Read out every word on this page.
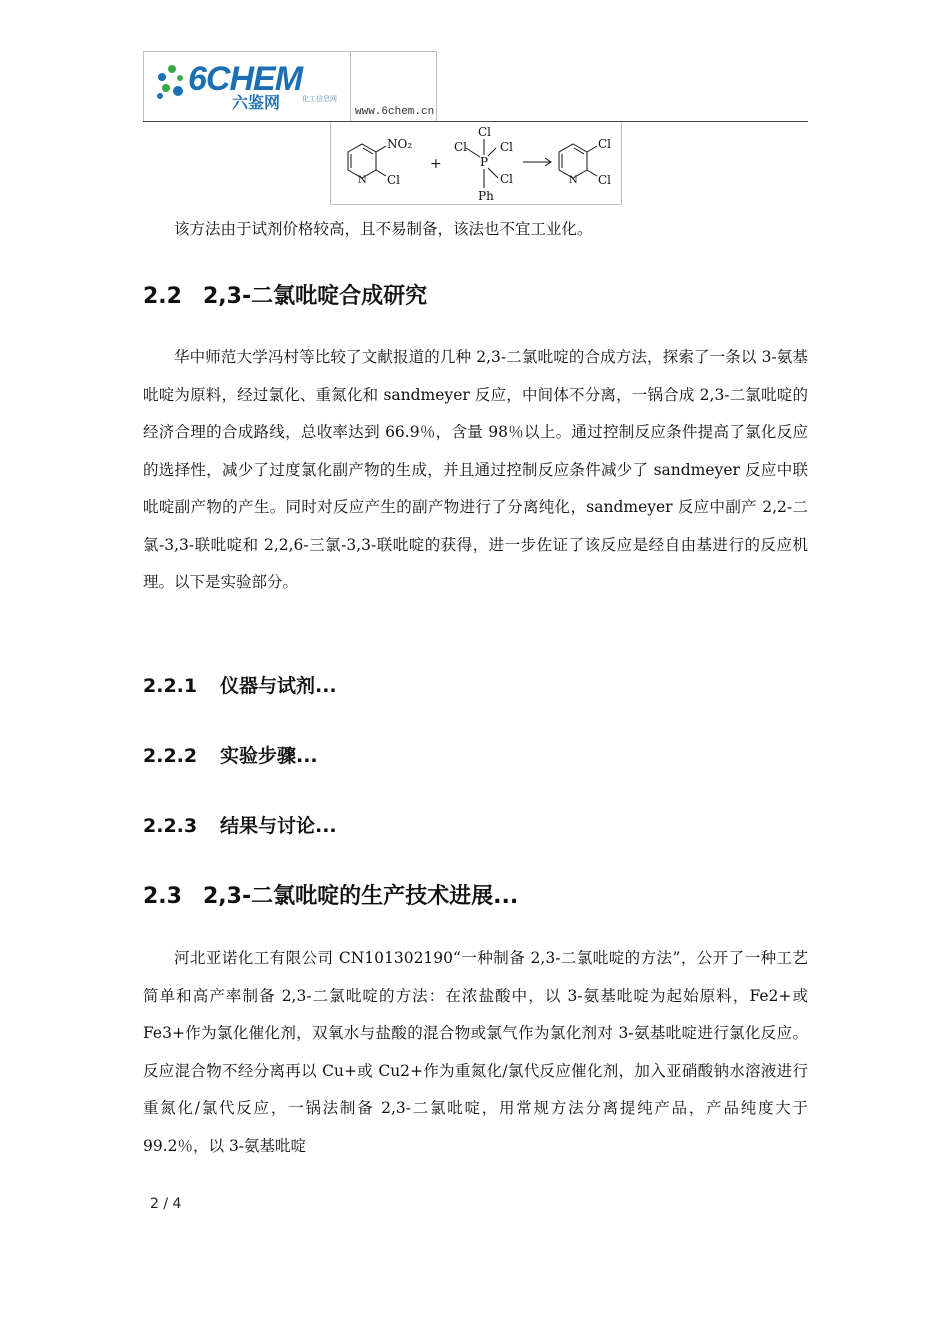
6CHEM
六鉴网	化工信息网
www.6chem.cn
N
NO₂
Cl
+
Cl
Cl	Cl
P
Cl
Ph
N
Cl
Cl
该方法由于试剂价格较高，且不易制备，该法也不宜工业化。
2.2 2,3-二氯吡啶合成研究
华中师范大学冯村等比较了文献报道的几种 2,3-二氯吡啶的合成方法，探索了一条以 3-氨基吡啶为原料，经过氯化、重氮化和 sandmeyer 反应，中间体不分离，一锅合成 2,3-二氯吡啶的经济合理的合成路线，总收率达到 66.9％，含量 98％以上。通过控制反应条件提高了氯化反应的选择性，减少了过度氯化副产物的生成，并且通过控制反应条件减少了 sandmeyer 反应中联吡啶副产物的产生。同时对反应产生的副产物进行了分离纯化，sandmeyer 反应中副产 2,2-二氯-3,3-联吡啶和 2,2,6-三氯-3,3-联吡啶的获得，进一步佐证了该反应是经自由基进行的反应机理。以下是实验部分。
2.2.1 仪器与试剂...
2.2.2 实验步骤...
2.2.3 结果与讨论...
2.3 2,3-二氯吡啶的生产技术进展...
河北亚诺化工有限公司 CN101302190“一种制备 2,3-二氯吡啶的方法”，公开了一种工艺简单和高产率制备 2,3-二氯吡啶的方法：在浓盐酸中，以 3-氨基吡啶为起始原料，Fe2+或 Fe3+作为氯化催化剂，双氧水与盐酸的混合物或氯气作为氯化剂对 3-氨基吡啶进行氯化反应。反应混合物不经分离再以 Cu+或 Cu2+作为重氮化/氯代反应催化剂，加入亚硝酸钠水溶液进行重氮化/氯代反应，一锅法制备 2,3-二氯吡啶，用常规方法分离提纯产品，产品纯度大于 99.2％，以 3-氨基吡啶
2 / 4
